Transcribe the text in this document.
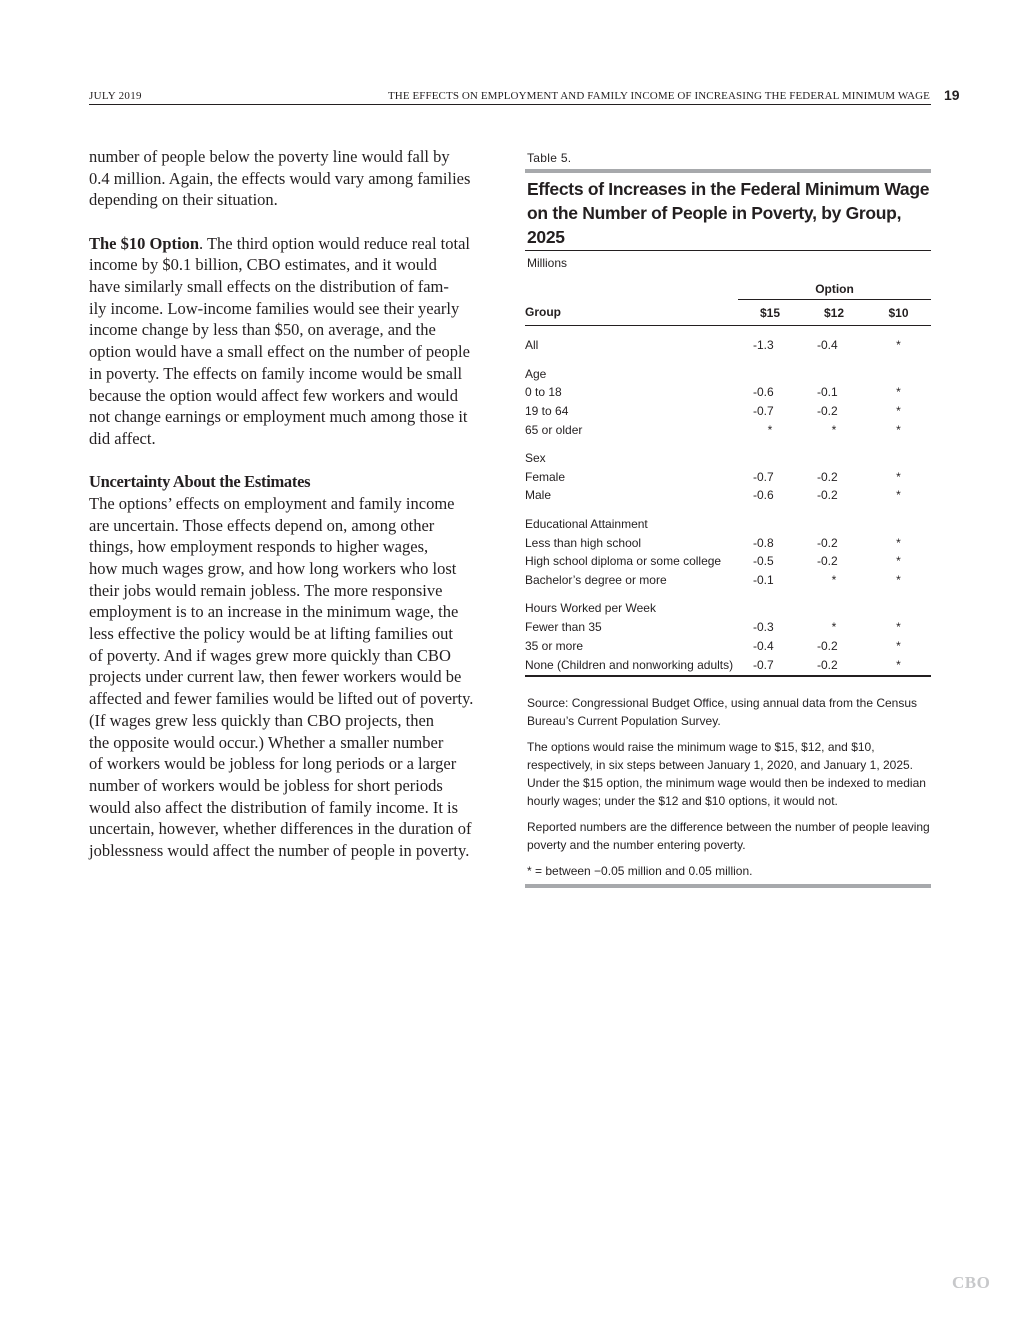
JULY 2019	THE EFFECTS ON EMPLOYMENT AND FAMILY INCOME OF INCREASING THE FEDERAL MINIMUM WAGE 19

number of people below the poverty line would fall by
0.4 million. Again, the effects would vary among families
depending on their situation.

The $10 Option. The third option would reduce real total
income by $0.1 billion, CBO estimates, and it would
have similarly small effects on the distribution of fam-
ily income. Low-income families would see their yearly
income change by less than $50, on average, and the
option would have a small effect on the number of people
in poverty. The effects on family income would be small
because the option would affect few workers and would
not change earnings or employment much among those it
did affect.

Uncertainty About the Estimates

The options’ effects on employment and family income
are uncertain. Those effects depend on, among other
things, how employment responds to higher wages,
how much wages grow, and how long workers who lost
their jobs would remain jobless. The more responsive
employment is to an increase in the minimum wage, the
less effective the policy would be at lifting families out
of poverty. And if wages grew more quickly than CBO
projects under current law, then fewer workers would be
affected and fewer families would be lifted out of poverty.
(If wages grew less quickly than CBO projects, then
the opposite would occur.) Whether a smaller number
of workers would be jobless for long periods or a larger
number of workers would be jobless for short periods
would also affect the distribution of family income. It is
uncertain, however, whether differences in the duration of
joblessness would affect the number of people in poverty.

Table 5.
Effects of Increases in the Federal Minimum Wage on the Number of People in Poverty, by Group, 2025
Millions
	Option		
Group	$15	$12	$10

All	-1.3	-0.4	*

Age			
0 to 18	-0.6	-0.1	*
19 to 64	-0.7	-0.2	*
65 or older	*	*	*

Sex			
Female	-0.7	-0.2	*
Male	-0.6	-0.2	*

Educational Attainment			
Less than high school	-0.8	-0.2	*
High school diploma or some college	-0.5	-0.2	*
Bachelor’s degree or more	-0.1	*	*

Hours Worked per Week			
Fewer than 35	-0.3	*	*
35 or more	-0.4	-0.2	*
None (Children and nonworking adults)	-0.7	-0.2	*

Source: Congressional Budget Office, using annual data from the Census Bureau’s Current Population Survey.

The options would raise the minimum wage to $15, $12, and $10, respectively, in six steps between January 1, 2020, and January 1, 2025. Under the $15 option, the minimum wage would then be indexed to median hourly wages; under the $12 and $10 options, it would not.

Reported numbers are the difference between the number of people leaving poverty and the number entering poverty.

* = between −0.05 million and 0.05 million.

CBO
